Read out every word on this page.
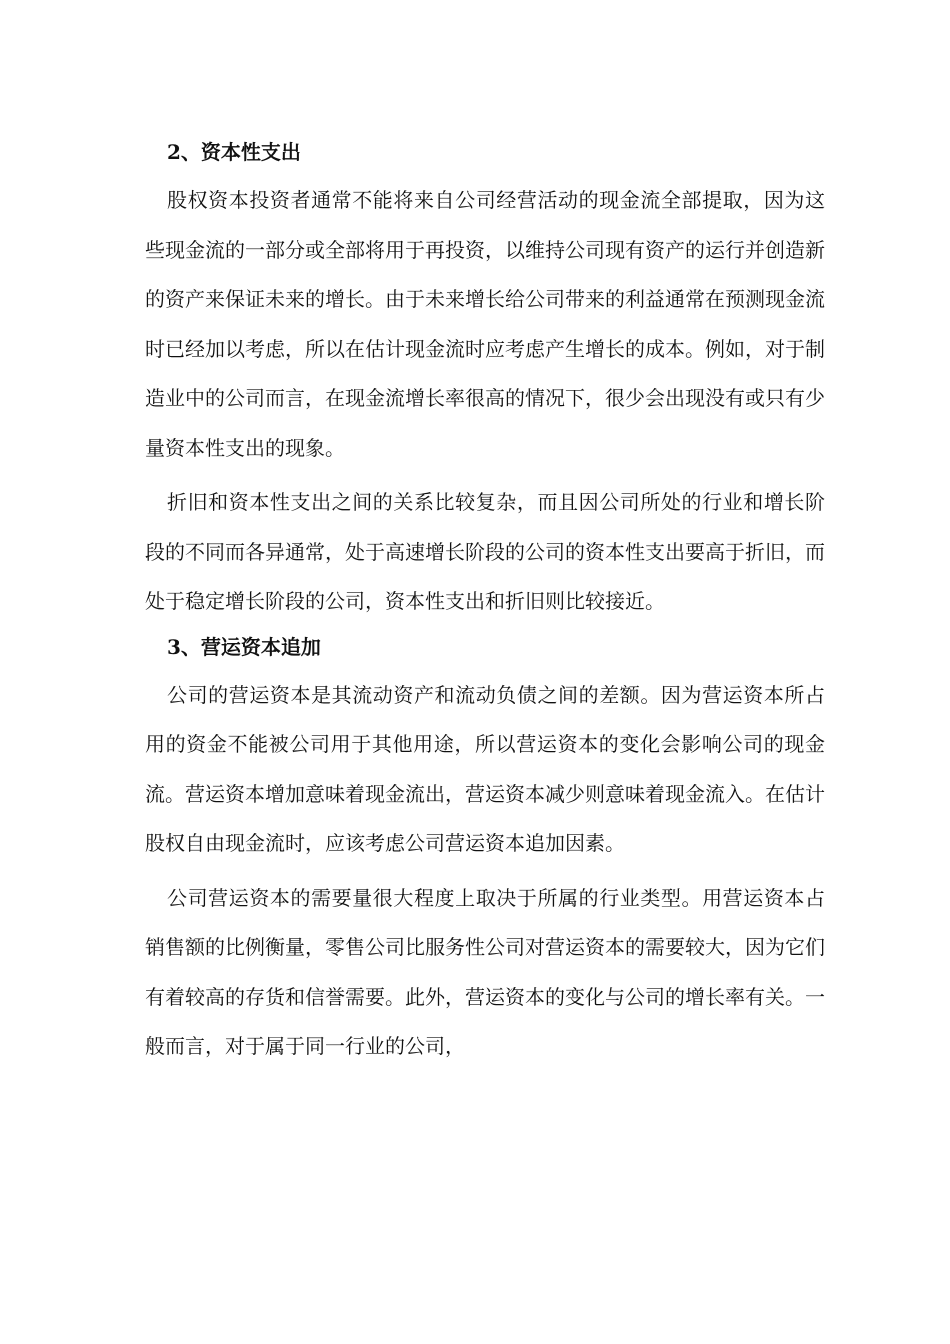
2、资本性支出

股权资本投资者通常不能将来自公司经营活动的现金流全部提取，因为这些现金流的一部分或全部将用于再投资，以维持公司现有资产的运行并创造新的资产来保证未来的增长。由于未来增长给公司带来的利益通常在预测现金流时已经加以考虑，所以在估计现金流时应考虑产生增长的成本。例如，对于制造业中的公司而言，在现金流增长率很高的情况下，很少会出现没有或只有少量资本性支出的现象。

折旧和资本性支出之间的关系比较复杂，而且因公司所处的行业和增长阶段的不同而各异通常，处于高速增长阶段的公司的资本性支出要高于折旧，而处于稳定增长阶段的公司，资本性支出和折旧则比较接近。

3、营运资本追加

公司的营运资本是其流动资产和流动负债之间的差额。因为营运资本所占用的资金不能被公司用于其他用途，所以营运资本的变化会影响公司的现金流。营运资本增加意味着现金流出，营运资本减少则意味着现金流入。在估计股权自由现金流时，应该考虑公司营运资本追加因素。

公司营运资本的需要量很大程度上取决于所属的行业类型。用营运资本占销售额的比例衡量，零售公司比服务性公司对营运资本的需要较大，因为它们有着较高的存货和信誉需要。此外，营运资本的变化与公司的增长率有关。一般而言，对于属于同一行业的公司，
